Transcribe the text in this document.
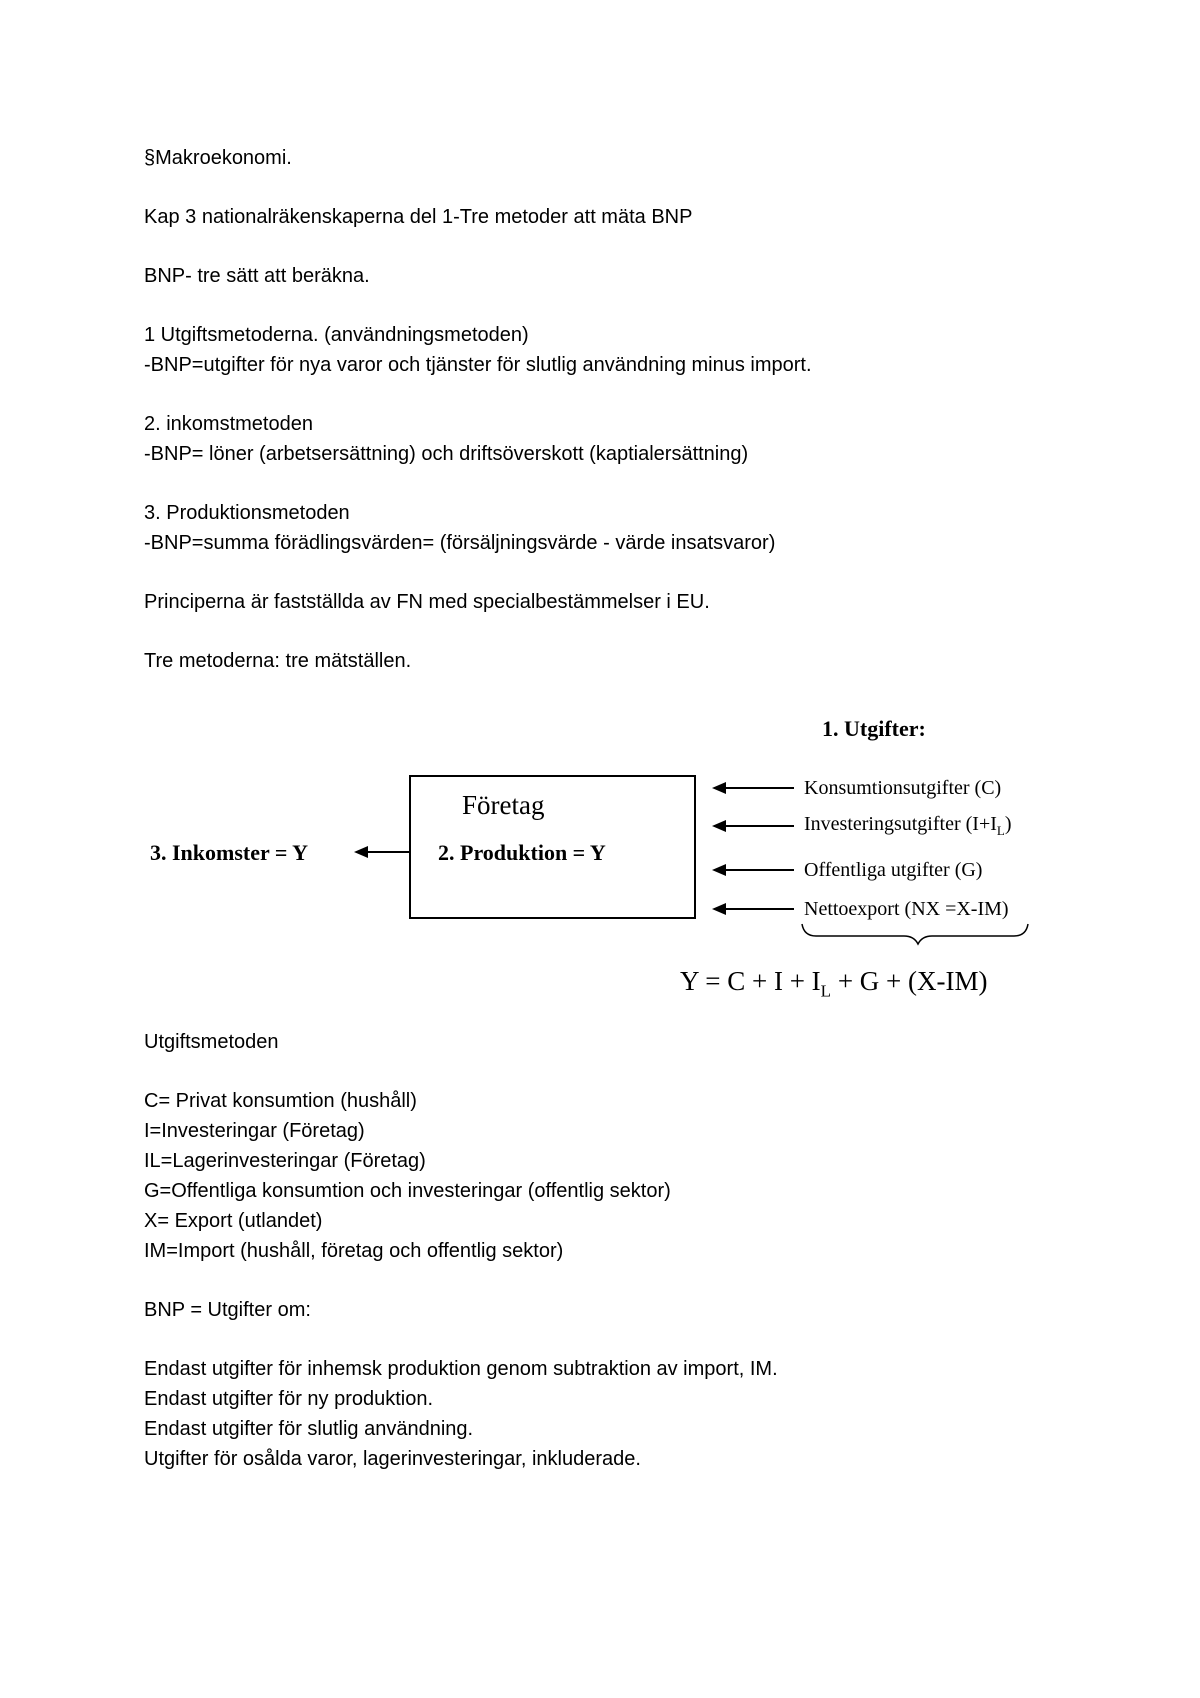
§Makroekonomi.

Kap 3 nationalräkenskaperna del 1-Tre metoder att mäta BNP

BNP- tre sätt att beräkna.

1 Utgiftsmetoderna. (användningsmetoden)

-BNP=utgifter för nya varor och tjänster för slutlig användning minus import.

2. inkomstmetoden

-BNP= löner (arbetsersättning) och driftsöverskott (kaptialersättning)

3. Produktionsmetoden

-BNP=summa förädlingsvärden= (försäljningsvärde - värde insatsvaror)

Principerna är fastställda av FN med specialbestämmelser i EU.

Tre metoderna: tre mätställen.

1. Utgifter:
Företag
2. Produktion = Y
3. Inkomster = Y
Konsumtionsutgifter (C)
Investeringsutgifter $(I+I_L)$
Offentliga utgifter (G)
Nettoexport (NX =X-IM)
$Y = C + I + I_L + G + (X-IM)$

Utgiftsmetoden

C= Privat konsumtion (hushåll)

I=Investeringar (Företag)

IL=Lagerinvesteringar (Företag)

G=Offentliga konsumtion och investeringar (offentlig sektor)

X= Export (utlandet)

IM=Import (hushåll, företag och offentlig sektor)

BNP = Utgifter om:

Endast utgifter för inhemsk produktion genom subtraktion av import, IM.

Endast utgifter för ny produktion.

Endast utgifter för slutlig användning.

Utgifter för osålda varor, lagerinvesteringar, inkluderade.
